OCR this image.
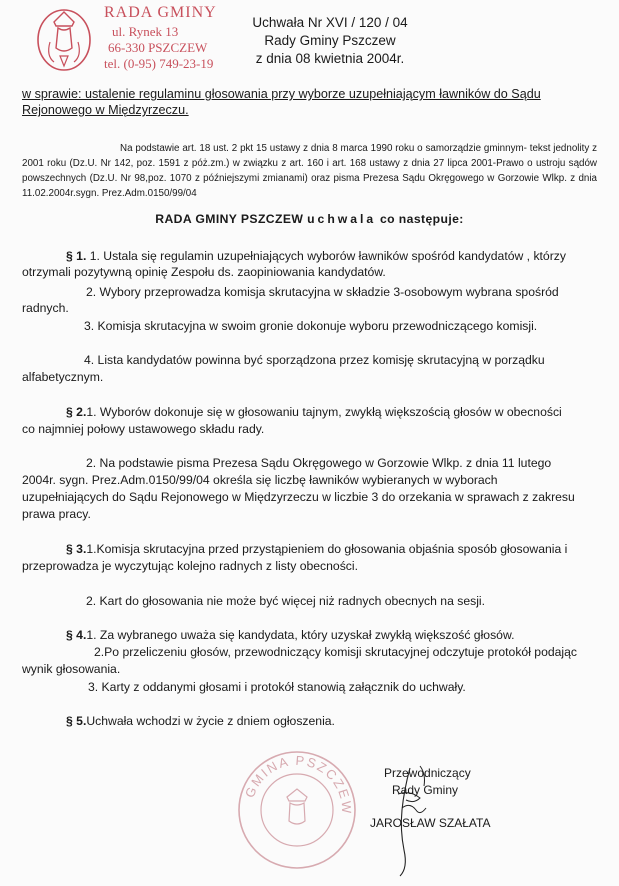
RADA GMINY
ul. Rynek 13
66-330 PSZCZEW
tel. (0-95) 749-23-19
Uchwała Nr XVI / 120 / 04
Rady Gminy Pszczew
z dnia 08 kwietnia 2004r.
w sprawie: ustalenie regulaminu głosowania przy wyborze uzupełniającym ławników do Sądu
Rejonowego w Międzyrzeczu.
Na podstawie art. 18 ust. 2 pkt 15 ustawy z dnia 8 marca 1990 roku o samorządzie gminnym- tekst jednolity z 2001 roku (Dz.U. Nr 142, poz. 1591 z póż.zm.) w związku z art. 160 i art. 168 ustawy z dnia 27 lipca 2001-Prawo o ustroju sądów powszechnych (Dz.U. Nr 98,poz. 1070 z późniejszymi zmianami) oraz pisma Prezesa Sądu Okręgowego w Gorzowie Wlkp. z dnia 11.02.2004r.sygn. Prez.Adm.0150/99/04
RADA GMINY PSZCZEW uchwala co następuje:
§ 1. 1. Ustala się regulamin uzupełniających wyborów ławników spośród kandydatów , którzy
otrzymali pozytywną opinię Zespołu ds. zaopiniowania kandydatów.
2. Wybory przeprowadza komisja skrutacyjna w składzie 3-osobowym wybrana spośród
radnych.
3. Komisja skrutacyjna w swoim gronie dokonuje wyboru przewodniczącego komisji.
4. Lista kandydatów powinna być sporządzona przez komisję skrutacyjną w porządku
alfabetycznym.
§ 2.1. Wyborów dokonuje się w głosowaniu tajnym, zwykłą większością głosów w obecności
co najmniej połowy ustawowego składu rady.
2. Na podstawie pisma Prezesa Sądu Okręgowego w Gorzowie Wlkp. z dnia 11 lutego
2004r. sygn. Prez.Adm.0150/99/04 określa się liczbę ławników wybieranych w wyborach
uzupełniających do Sądu Rejonowego w Międzyrzeczu w liczbie 3 do orzekania w sprawach z zakresu
prawa pracy.
§ 3.1.Komisja skrutacyjna przed przystąpieniem do głosowania objaśnia sposób głosowania i
przeprowadza je wyczytując kolejno radnych z listy obecności.
2. Kart do głosowania nie może być więcej niż radnych obecnych na sesji.
§ 4.1. Za wybranego uważa się kandydata, który uzyskał zwykłą większość głosów.
2.Po przeliczeniu głosów, przewodniczący komisji skrutacyjnej odczytuje protokół podając
wynik głosowania.
3. Karty z oddanymi głosami i protokół stanowią załącznik do uchwały.
§ 5.Uchwała wchodzi w życie z dniem ogłoszenia.
GMINA PSZCZEW
Przewodniczący
Rady Gminy
JAROSŁAW SZAŁATA
